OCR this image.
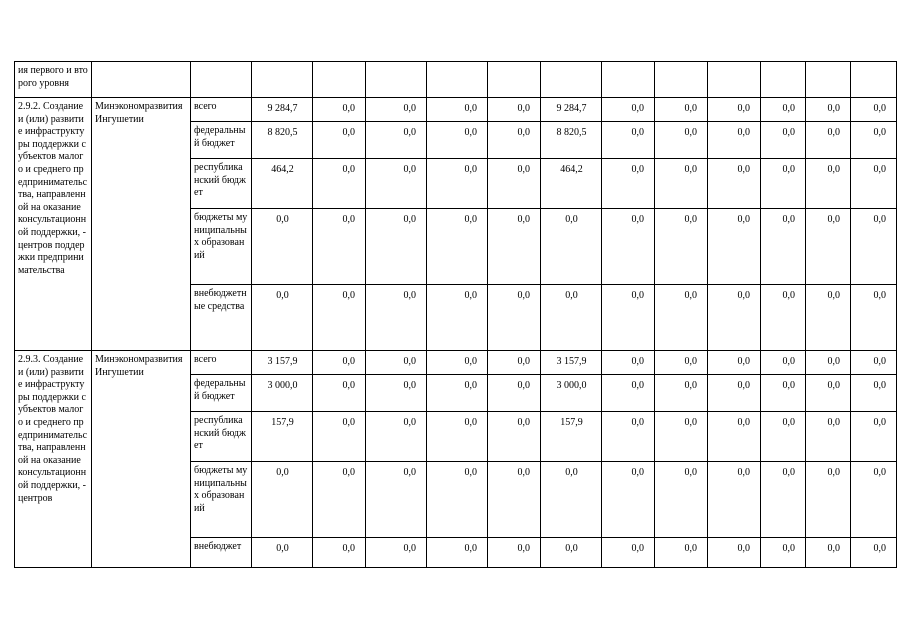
ия первого и второго уровня														
2.9.2. Создание и (или) развитие инфраструктуры поддержки субъектов малого и среднего предпринимательства, направленной на оказание консультационной поддержки, - центров поддержки предпринимательства	Минэкономразвития Ингушетии	всего	9 284,7	0,0	0,0	0,0	0,0	9 284,7	0,0	0,0	0,0	0,0	0,0	0,0
		федеральный бюджет	8 820,5	0,0	0,0	0,0	0,0	8 820,5	0,0	0,0	0,0	0,0	0,0	0,0
		республиканский бюджет	464,2	0,0	0,0	0,0	0,0	464,2	0,0	0,0	0,0	0,0	0,0	0,0
		бюджеты муниципальных образований	0,0	0,0	0,0	0,0	0,0	0,0	0,0	0,0	0,0	0,0	0,0	0,0
		внебюджетные средства	0,0	0,0	0,0	0,0	0,0	0,0	0,0	0,0	0,0	0,0	0,0	0,0
2.9.3. Создание и (или) развитие инфраструктуры поддержки субъектов малого и среднего предпринимательства, направленной на оказание консультационной поддержки, - центров	Минэкономразвития Ингушетии	всего	3 157,9	0,0	0,0	0,0	0,0	3 157,9	0,0	0,0	0,0	0,0	0,0	0,0
		федеральный бюджет	3 000,0	0,0	0,0	0,0	0,0	3 000,0	0,0	0,0	0,0	0,0	0,0	0,0
		республиканский бюджет	157,9	0,0	0,0	0,0	0,0	157,9	0,0	0,0	0,0	0,0	0,0	0,0
		бюджеты муниципальных образований	0,0	0,0	0,0	0,0	0,0	0,0	0,0	0,0	0,0	0,0	0,0	0,0
		внебюджет	0,0	0,0	0,0	0,0	0,0	0,0	0,0	0,0	0,0	0,0	0,0	0,0
